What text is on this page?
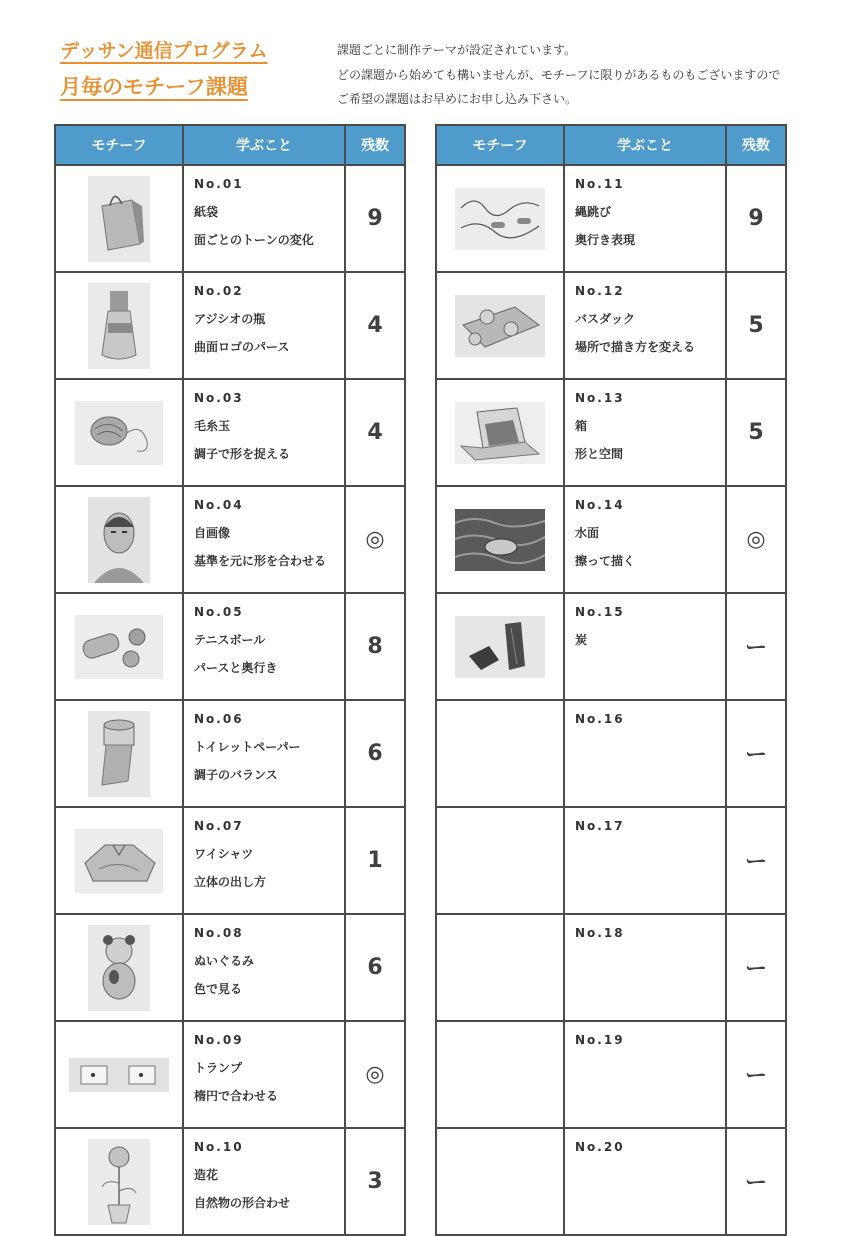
デッサン通信プログラム
月毎のモチーフ課題
課題ごとに制作テーマが設定されています。
どの課題から始めても構いませんが、モチーフに限りがあるものもございますので
ご希望の課題はお早めにお申し込み下さい。
モチーフ	学ぶこと	残数

No.01
紙袋
面ごとのトーンの変化	9

No.02
アジシオの瓶
曲面ロゴのパース	4

No.03
毛糸玉
調子で形を捉える	4

No.04
自画像
基準を元に形を合わせる	◎

No.05
テニスボール
パースと奥行き	8

No.06
トイレットペーパー
調子のバランス	6

No.07
ワイシャツ
立体の出し方	1

No.08
ぬいぐるみ
色で見る	6

No.09
トランプ
楕円で合わせる	◎

No.10
造花
自然物の形合わせ	3
モチーフ	学ぶこと	残数

No.11
縄跳び
奥行き表現	9

No.12
バスダック
場所で描き方を変える	5

No.13
箱
形と空間	5

No.14
水面
擦って描く	◎

No.15
炭	ー

	No.16	ー

	No.17	ー

	No.18	ー

	No.19	ー

	No.20	ー
